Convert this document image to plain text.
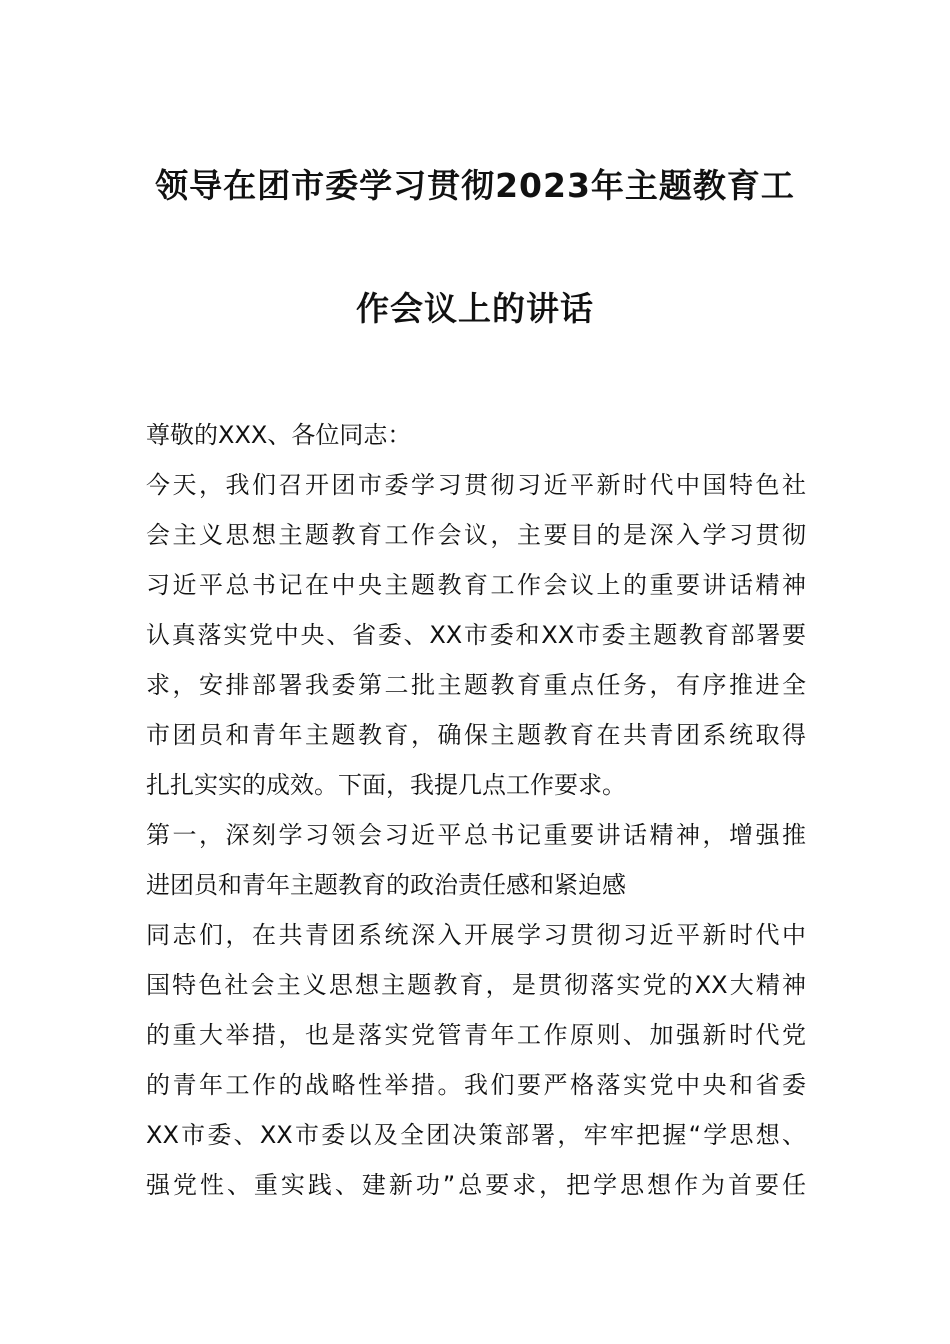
领导在团市委学习贯彻2023年主题教育工
作会议上的讲话
尊敬的XXX、各位同志：
今天，我们召开团市委学习贯彻习近平新时代中国特色社
会主义思想主题教育工作会议，主要目的是深入学习贯彻
习近平总书记在中央主题教育工作会议上的重要讲话精神
认真落实党中央、省委、XX市委和XX市委主题教育部署要
求，安排部署我委第二批主题教育重点任务，有序推进全
市团员和青年主题教育，确保主题教育在共青团系统取得
扎扎实实的成效。下面，我提几点工作要求。
第一，深刻学习领会习近平总书记重要讲话精神，增强推
进团员和青年主题教育的政治责任感和紧迫感
同志们，在共青团系统深入开展学习贯彻习近平新时代中
国特色社会主义思想主题教育，是贯彻落实党的XX大精神
的重大举措，也是落实党管青年工作原则、加强新时代党
的青年工作的战略性举措。我们要严格落实党中央和省委
XX市委、XX市委以及全团决策部署，牢牢把握“学思想、
强党性、重实践、建新功”总要求，把学思想作为首要任
